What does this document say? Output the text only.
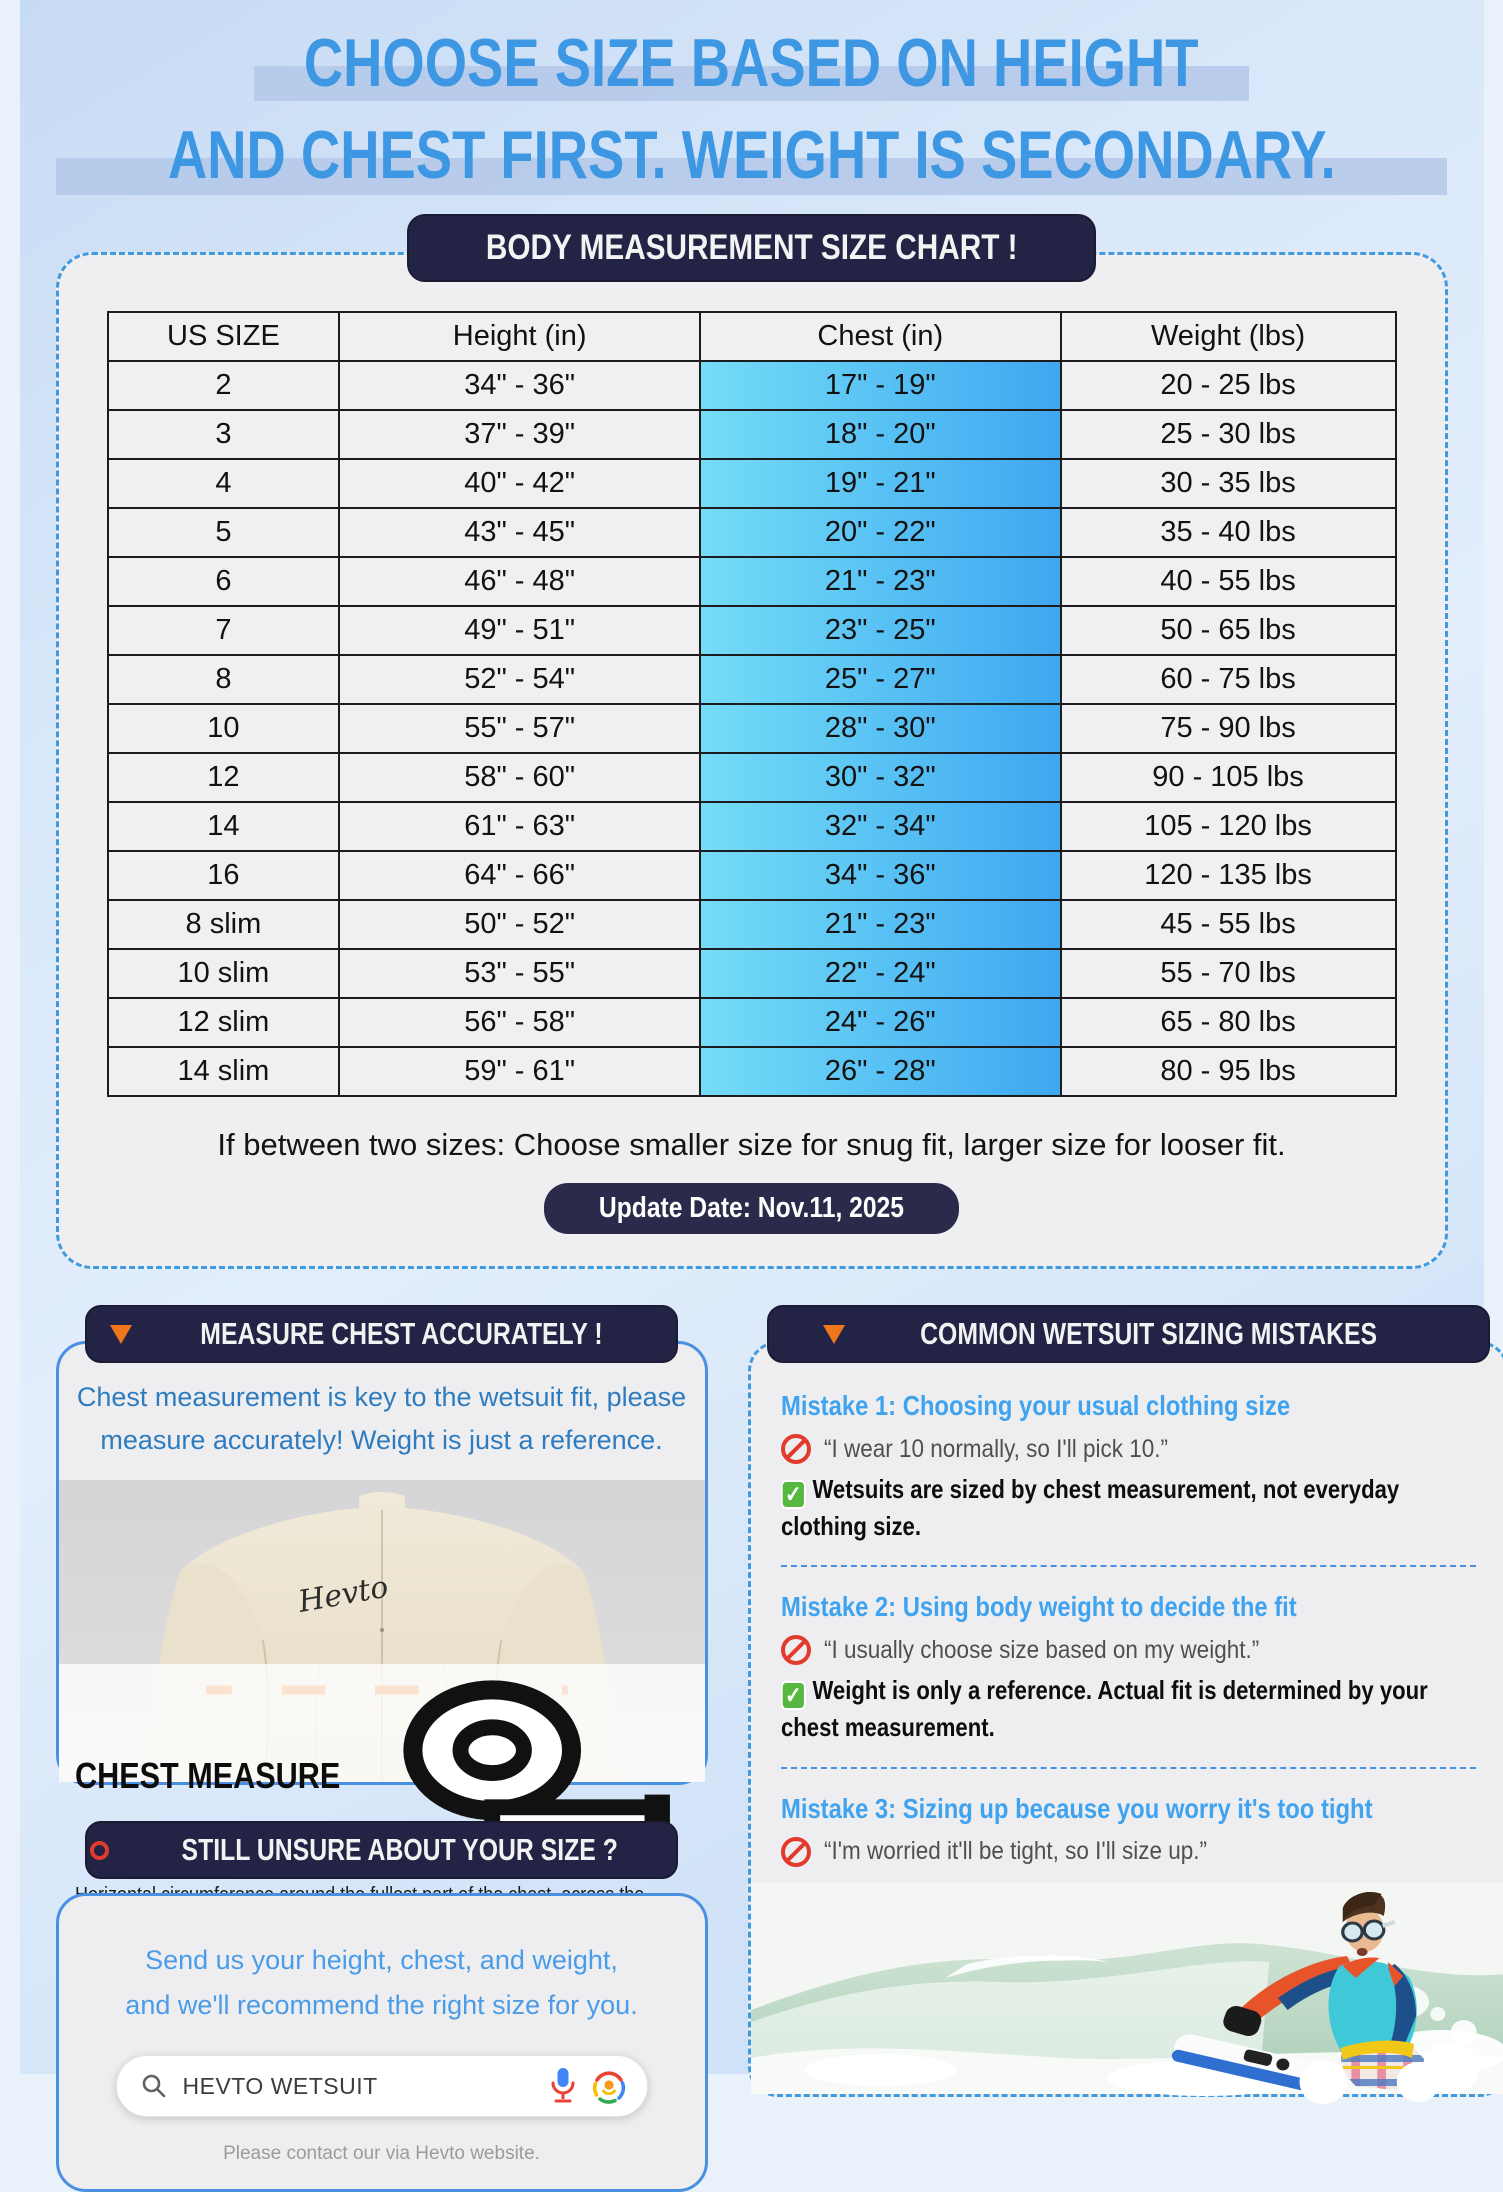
CHOOSE SIZE BASED ON HEIGHT
AND CHEST FIRST. WEIGHT IS SECONDARY.
BODY MEASUREMENT SIZE CHART !
US SIZE	Height (in)	Chest (in)	Weight (lbs)
2	34" - 36"	17" - 19"	20 - 25 lbs
3	37" - 39"	18" - 20"	25 - 30 lbs
4	40" - 42"	19" - 21"	30 - 35 lbs
5	43" - 45"	20" - 22"	35 - 40 lbs
6	46" - 48"	21" - 23"	40 - 55 lbs
7	49" - 51"	23" - 25"	50 - 65 lbs
8	52" - 54"	25" - 27"	60 - 75 lbs
10	55" - 57"	28" - 30"	75 - 90 lbs
12	58" - 60"	30" - 32"	90 - 105 lbs
14	61" - 63"	32" - 34"	105 - 120 lbs
16	64" - 66"	34" - 36"	120 - 135 lbs
8 slim	50" - 52"	21" - 23"	45 - 55 lbs
10 slim	53" - 55"	22" - 24"	55 - 70 lbs
12 slim	56" - 58"	24" - 26"	65 - 80 lbs
14 slim	59" - 61"	26" - 28"	80 - 95 lbs
If between two sizes: Choose smaller size for snug fit, larger size for looser fit.
Update Date: Nov.11, 2025
MEASURE CHEST ACCURATELY !
Chest measurement is key to the wetsuit fit, please
measure accurately! Weight is just a reference.
Hevto
CHEST MEASURE
STILL UNSURE ABOUT YOUR SIZE ?
Send us your height, chest, and weight,
and we'll recommend the right size for you.
HEVTO WETSUIT
Please contact our via Hevto website.
COMMON WETSUIT SIZING MISTAKES
Mistake 1: Choosing your usual clothing size
“I wear 10 normally, so I'll pick 10.”
✓ Wetsuits are sized by chest measurement, not everyday clothing size.
Mistake 2: Using body weight to decide the fit
“I usually choose size based on my weight.”
✓ Weight is only a reference. Actual fit is determined by your chest measurement.
Mistake 3: Sizing up because you worry it's too tight
“I'm worried it'll be tight, so I'll size up.”
